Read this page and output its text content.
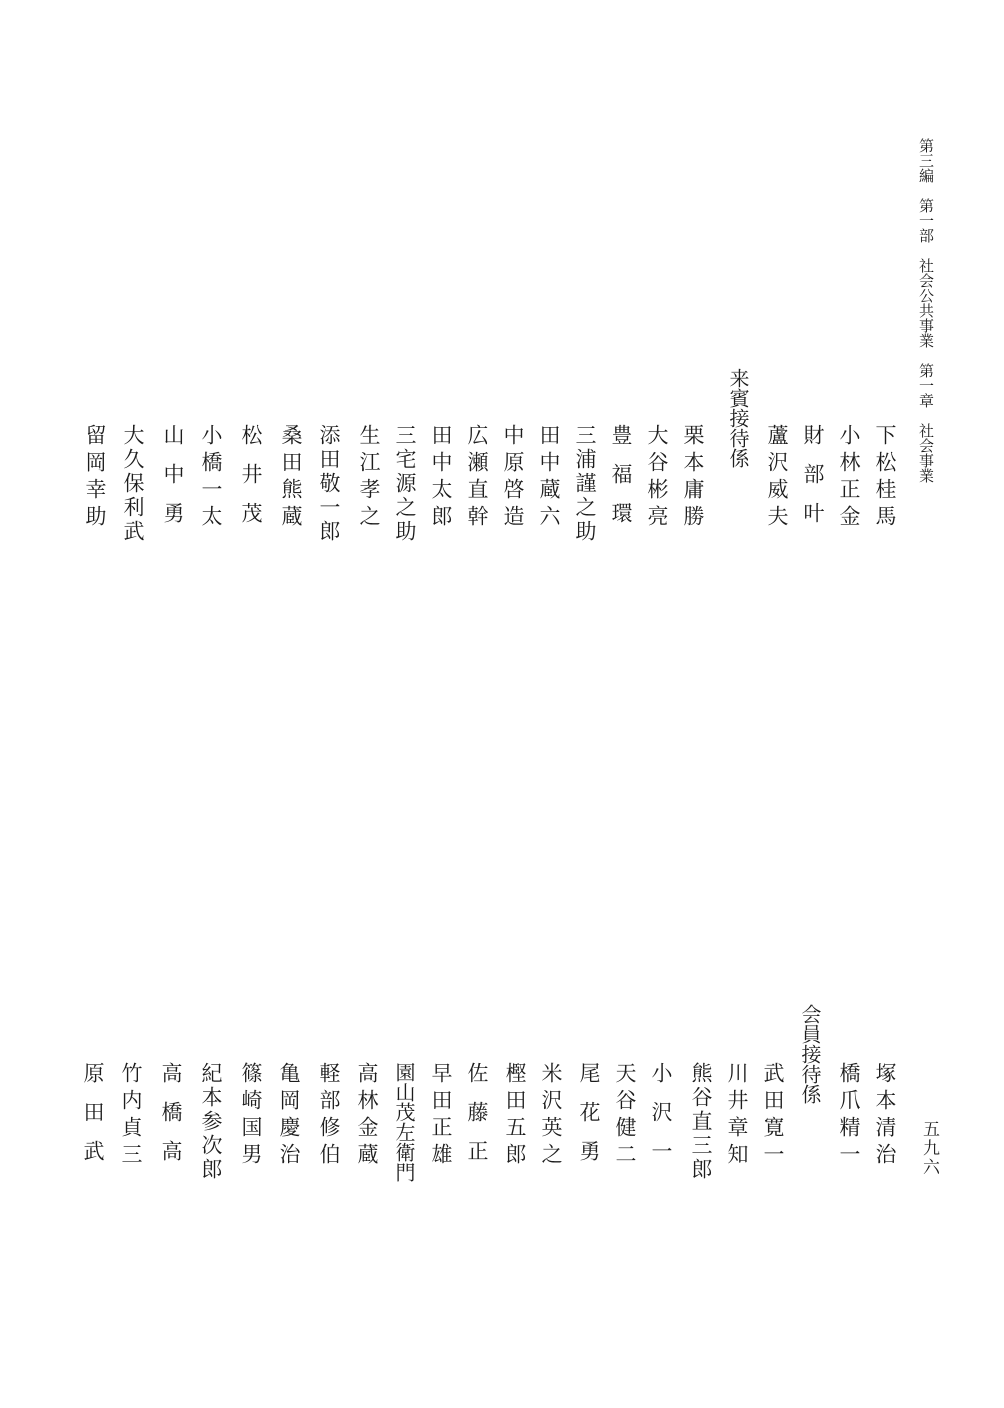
第三編　第一部　社会公共事業　第一章　社会事業
下松桂馬
小林正金
財部叶
蘆沢威夫
来賓接待係
栗本庸勝
大谷彬亮
豊福環
三浦謹之助
田中蔵六
中原啓造
広瀬直幹
田中太郎
三宅源之助
生江孝之
添田敬一郎
桑田熊蔵
松井茂
小橋一太
山中勇
大久保利武
留岡幸助
塚本清治
橋爪精一
会員接待係
武田寛一
川井章知
熊谷直三郎
小沢一
天谷健二
尾花勇
米沢英之
樫田五郎
佐藤正
早田正雄
園山茂左衛門
高林金蔵
軽部修伯
亀岡慶治
篠崎国男
紀本参次郎
高橋高
竹内貞三
原田武	五九六
